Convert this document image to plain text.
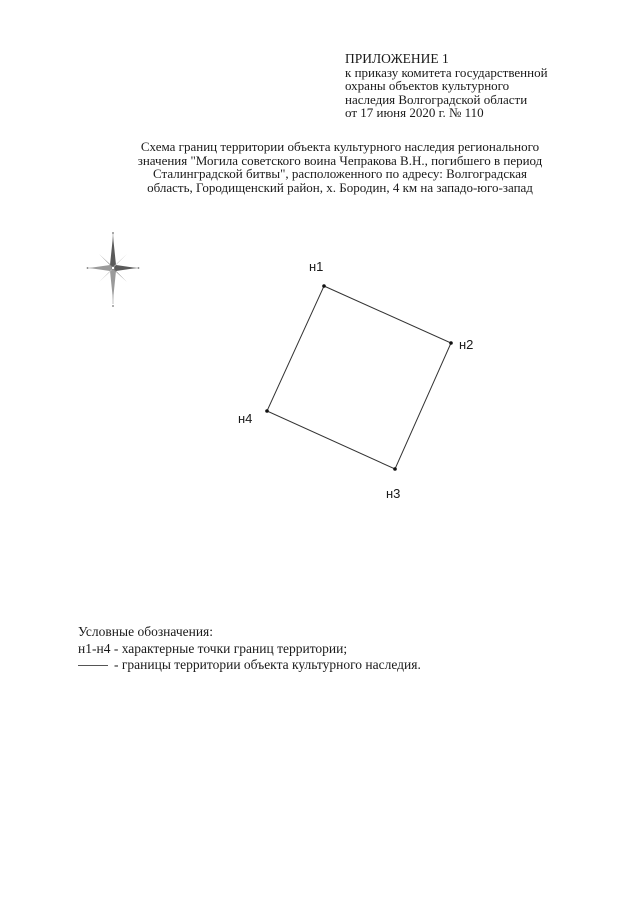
ПРИЛОЖЕНИЕ 1
к приказу комитета государственной
охраны объектов культурного
наследия Волгоградской области
от 17 июня 2020 г. № 110
Схема границ территории объекта культурного наследия регионального
значения "Могила советского воина Чепракова В.Н., погибшего в период
Сталинградской битвы", расположенного по адресу: Волгоградская
область, Городищенский район, х. Бородин, 4 км на западо-юго-запад
н1
н2
н3
н4
Условные обозначения:
н1-н4 - характерные точки границ территории;
- границы территории объекта культурного наследия.
